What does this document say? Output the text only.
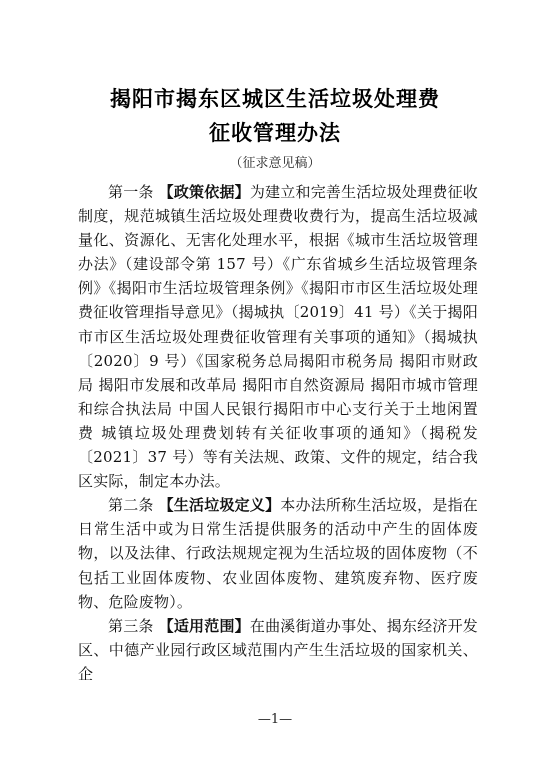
揭阳市揭东区城区生活垃圾处理费
征收管理办法
（征求意见稿）

第一条 【政策依据】为建立和完善生活垃圾处理费征收制度，规范城镇生活垃圾处理费收费行为，提高生活垃圾减量化、资源化、无害化处理水平，根据《城市生活垃圾管理办法》（建设部令第 157 号）《广东省城乡生活垃圾管理条例》《揭阳市生活垃圾管理条例》《揭阳市市区生活垃圾处理费征收管理指导意见》（揭城执〔2019〕41 号）《关于揭阳市市区生活垃圾处理费征收管理有关事项的通知》（揭城执〔2020〕9 号）《国家税务总局揭阳市税务局 揭阳市财政局 揭阳市发展和改革局 揭阳市自然资源局 揭阳市城市管理和综合执法局 中国人民银行揭阳市中心支行关于土地闲置费 城镇垃圾处理费划转有关征收事项的通知》（揭税发〔2021〕37 号）等有关法规、政策、文件的规定，结合我区实际，制定本办法。

第二条 【生活垃圾定义】本办法所称生活垃圾，是指在日常生活中或为日常生活提供服务的活动中产生的固体废物，以及法律、行政法规规定视为生活垃圾的固体废物（不包括工业固体废物、农业固体废物、建筑废弃物、医疗废物、危险废物）。

第三条 【适用范围】在曲溪街道办事处、揭东经济开发区、中德产业园行政区域范围内产生生活垃圾的国家机关、企

—1—
